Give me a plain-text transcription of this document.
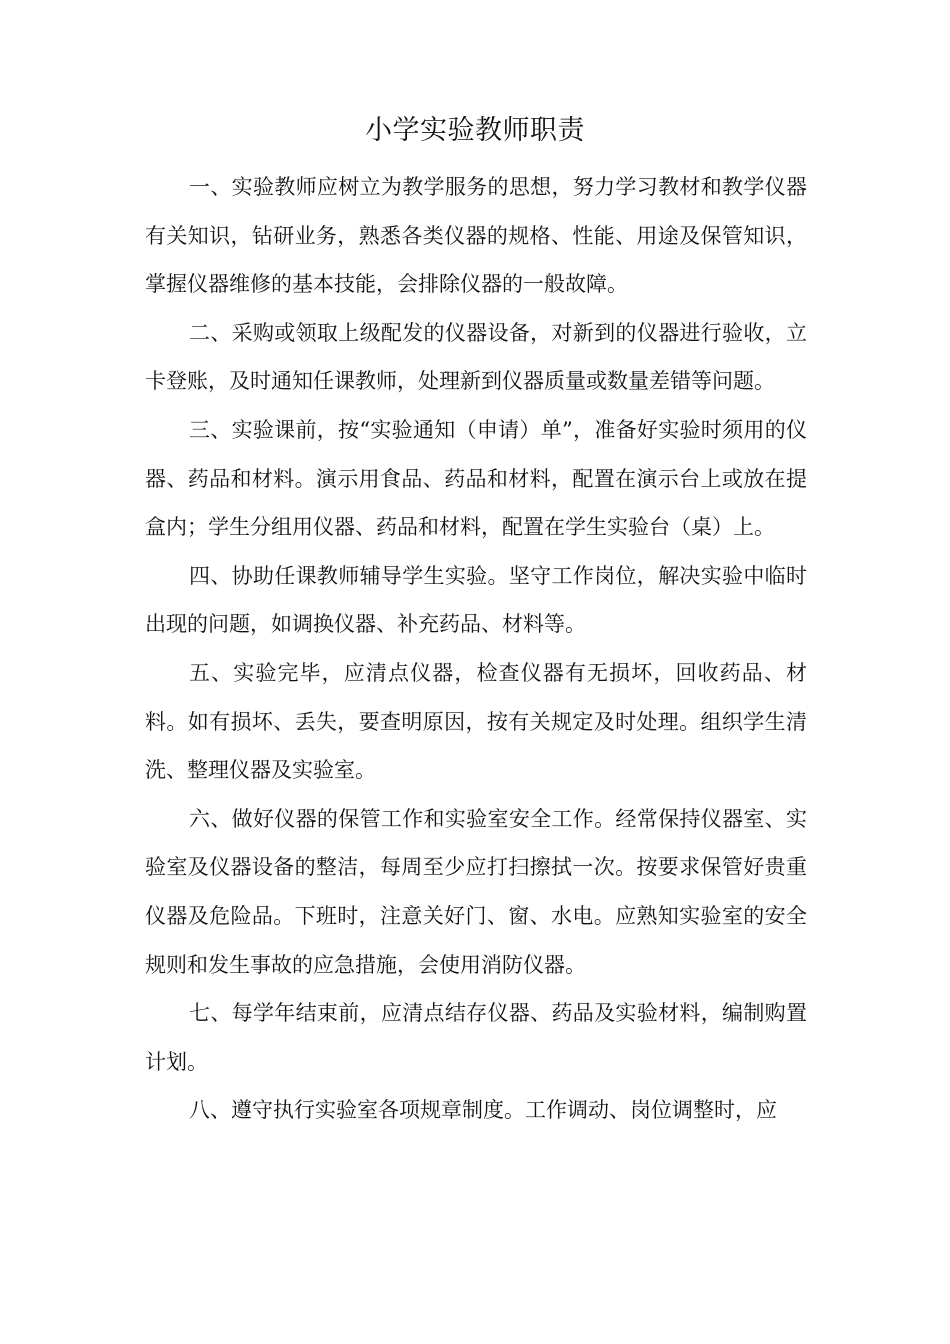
小学实验教师职责

一、实验教师应树立为教学服务的思想，努力学习教材和教学仪器有关知识，钻研业务，熟悉各类仪器的规格、性能、用途及保管知识，掌握仪器维修的基本技能，会排除仪器的一般故障。

二、采购或领取上级配发的仪器设备，对新到的仪器进行验收，立卡登账，及时通知任课教师，处理新到仪器质量或数量差错等问题。

三、实验课前，按“实验通知（申请）单”，准备好实验时须用的仪器、药品和材料。演示用食品、药品和材料，配置在演示台上或放在提盒内；学生分组用仪器、药品和材料，配置在学生实验台（桌）上。

四、协助任课教师辅导学生实验。坚守工作岗位，解决实验中临时出现的问题，如调换仪器、补充药品、材料等。

五、实验完毕，应清点仪器，检查仪器有无损坏，回收药品、材料。如有损坏、丢失，要查明原因，按有关规定及时处理。组织学生清洗、整理仪器及实验室。

六、做好仪器的保管工作和实验室安全工作。经常保持仪器室、实验室及仪器设备的整洁，每周至少应打扫擦拭一次。按要求保管好贵重仪器及危险品。下班时，注意关好门、窗、水电。应熟知实验室的安全规则和发生事故的应急措施，会使用消防仪器。

七、每学年结束前，应清点结存仪器、药品及实验材料，编制购置计划。

八、遵守执行实验室各项规章制度。工作调动、岗位调整时，应
